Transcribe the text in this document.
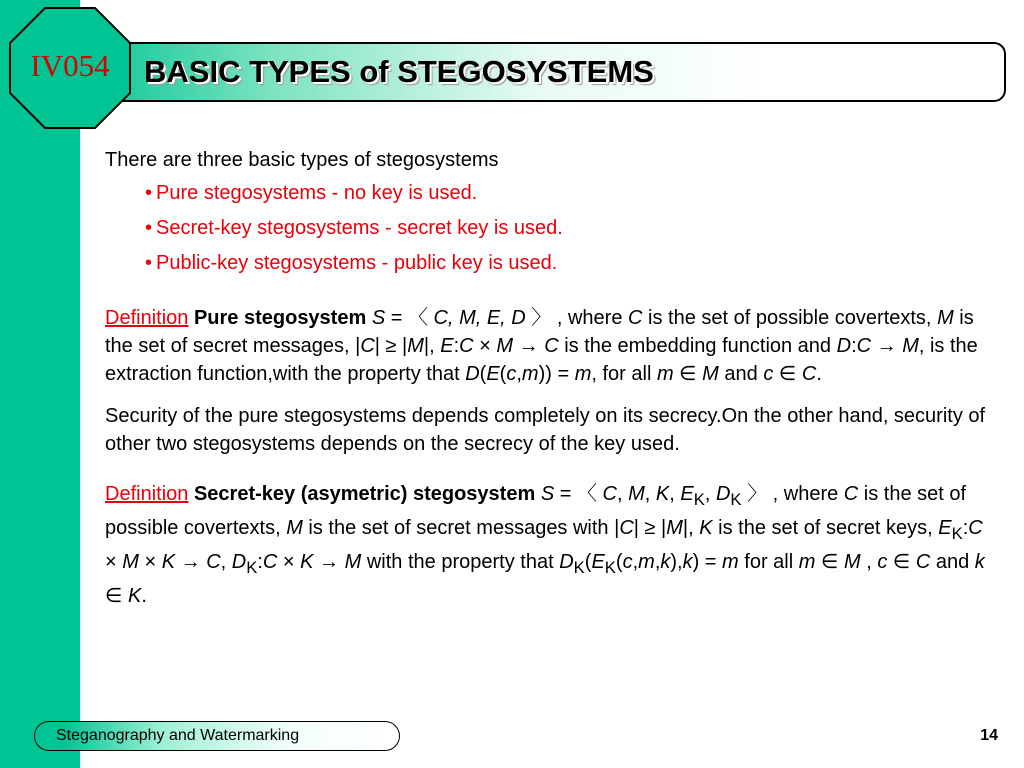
BASIC TYPES of STEGOSYSTEMS
IV054

There are three basic types of stegosystems

• Pure stegosystems - no key is used.
• Secret-key stegosystems - secret key is used.
• Public-key stegosystems - public key is used.

Definition Pure stegosystem S = 〈 C, M, E, D 〉 , where C is the set of possible covertexts, M is the set of secret messages, |C| ≥ |M|, E:C × M → C is the embedding function and D:C → M, is the extraction function,with the property that D(E(c,m)) = m, for all m ∈ M and c ∈ C.

Security of the pure stegosystems depends completely on its secrecy.On the other hand, security of other two stegosystems depends on the secrecy of the key used.

Definition Secret-key (asymetric) stegosystem S = 〈 C, M, K, $E_K$, $D_K$ 〉 , where C is the set of possible covertexts, M is the set of secret messages with |C| ≥ |M|, K is the set of secret keys, $E_K:C \times M \times K \to C$, $D_K:C \times K \to M$ with the property that $D_K(E_K(c,m,k),k) = m$ for all m ∈ M , c ∈ C and k ∈ K.

Steganography and Watermarking	14
